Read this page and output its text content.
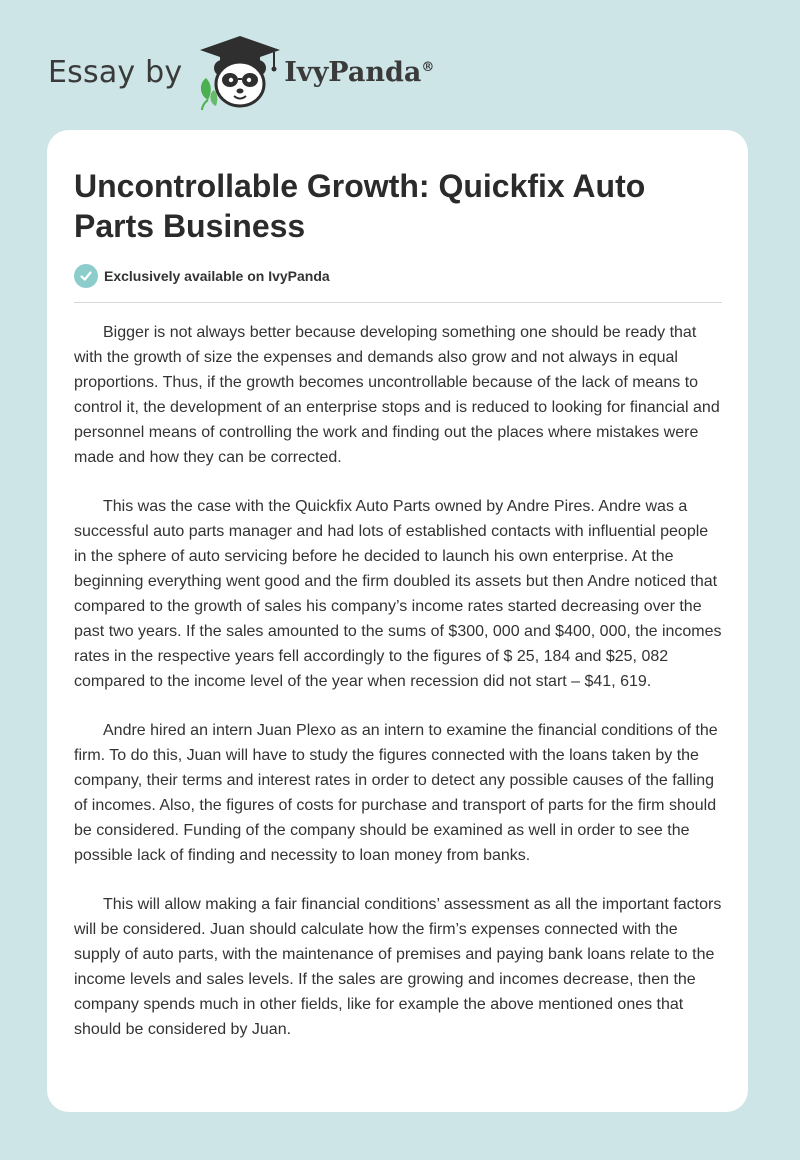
Essay by	IvyPanda®
Uncontrollable Growth: Quickfix Auto Parts Business
Exclusively available on IvyPanda

Bigger is not always better because developing something one should be ready that with the growth of size the expenses and demands also grow and not always in equal proportions. Thus, if the growth becomes uncontrollable because of the lack of means to control it, the development of an enterprise stops and is reduced to looking for financial and personnel means of controlling the work and finding out the places where mistakes were made and how they can be corrected.

This was the case with the Quickfix Auto Parts owned by Andre Pires. Andre was a successful auto parts manager and had lots of established contacts with influential people in the sphere of auto servicing before he decided to launch his own enterprise. At the beginning everything went good and the firm doubled its assets but then Andre noticed that compared to the growth of sales his company’s income rates started decreasing over the past two years. If the sales amounted to the sums of $300, 000 and $400, 000, the incomes rates in the respective years fell accordingly to the figures of $ 25, 184 and $25, 082 compared to the income level of the year when recession did not start – $41, 619.

Andre hired an intern Juan Plexo as an intern to examine the financial conditions of the firm. To do this, Juan will have to study the figures connected with the loans taken by the company, their terms and interest rates in order to detect any possible causes of the falling of incomes. Also, the figures of costs for purchase and transport of parts for the firm should be considered. Funding of the company should be examined as well in order to see the possible lack of finding and necessity to loan money from banks.

This will allow making a fair financial conditions’ assessment as all the important factors will be considered. Juan should calculate how the firm’s expenses connected with the supply of auto parts, with the maintenance of premises and paying bank loans relate to the income levels and sales levels. If the sales are growing and incomes decrease, then the company spends much in other fields, like for example the above mentioned ones that should be considered by Juan.
